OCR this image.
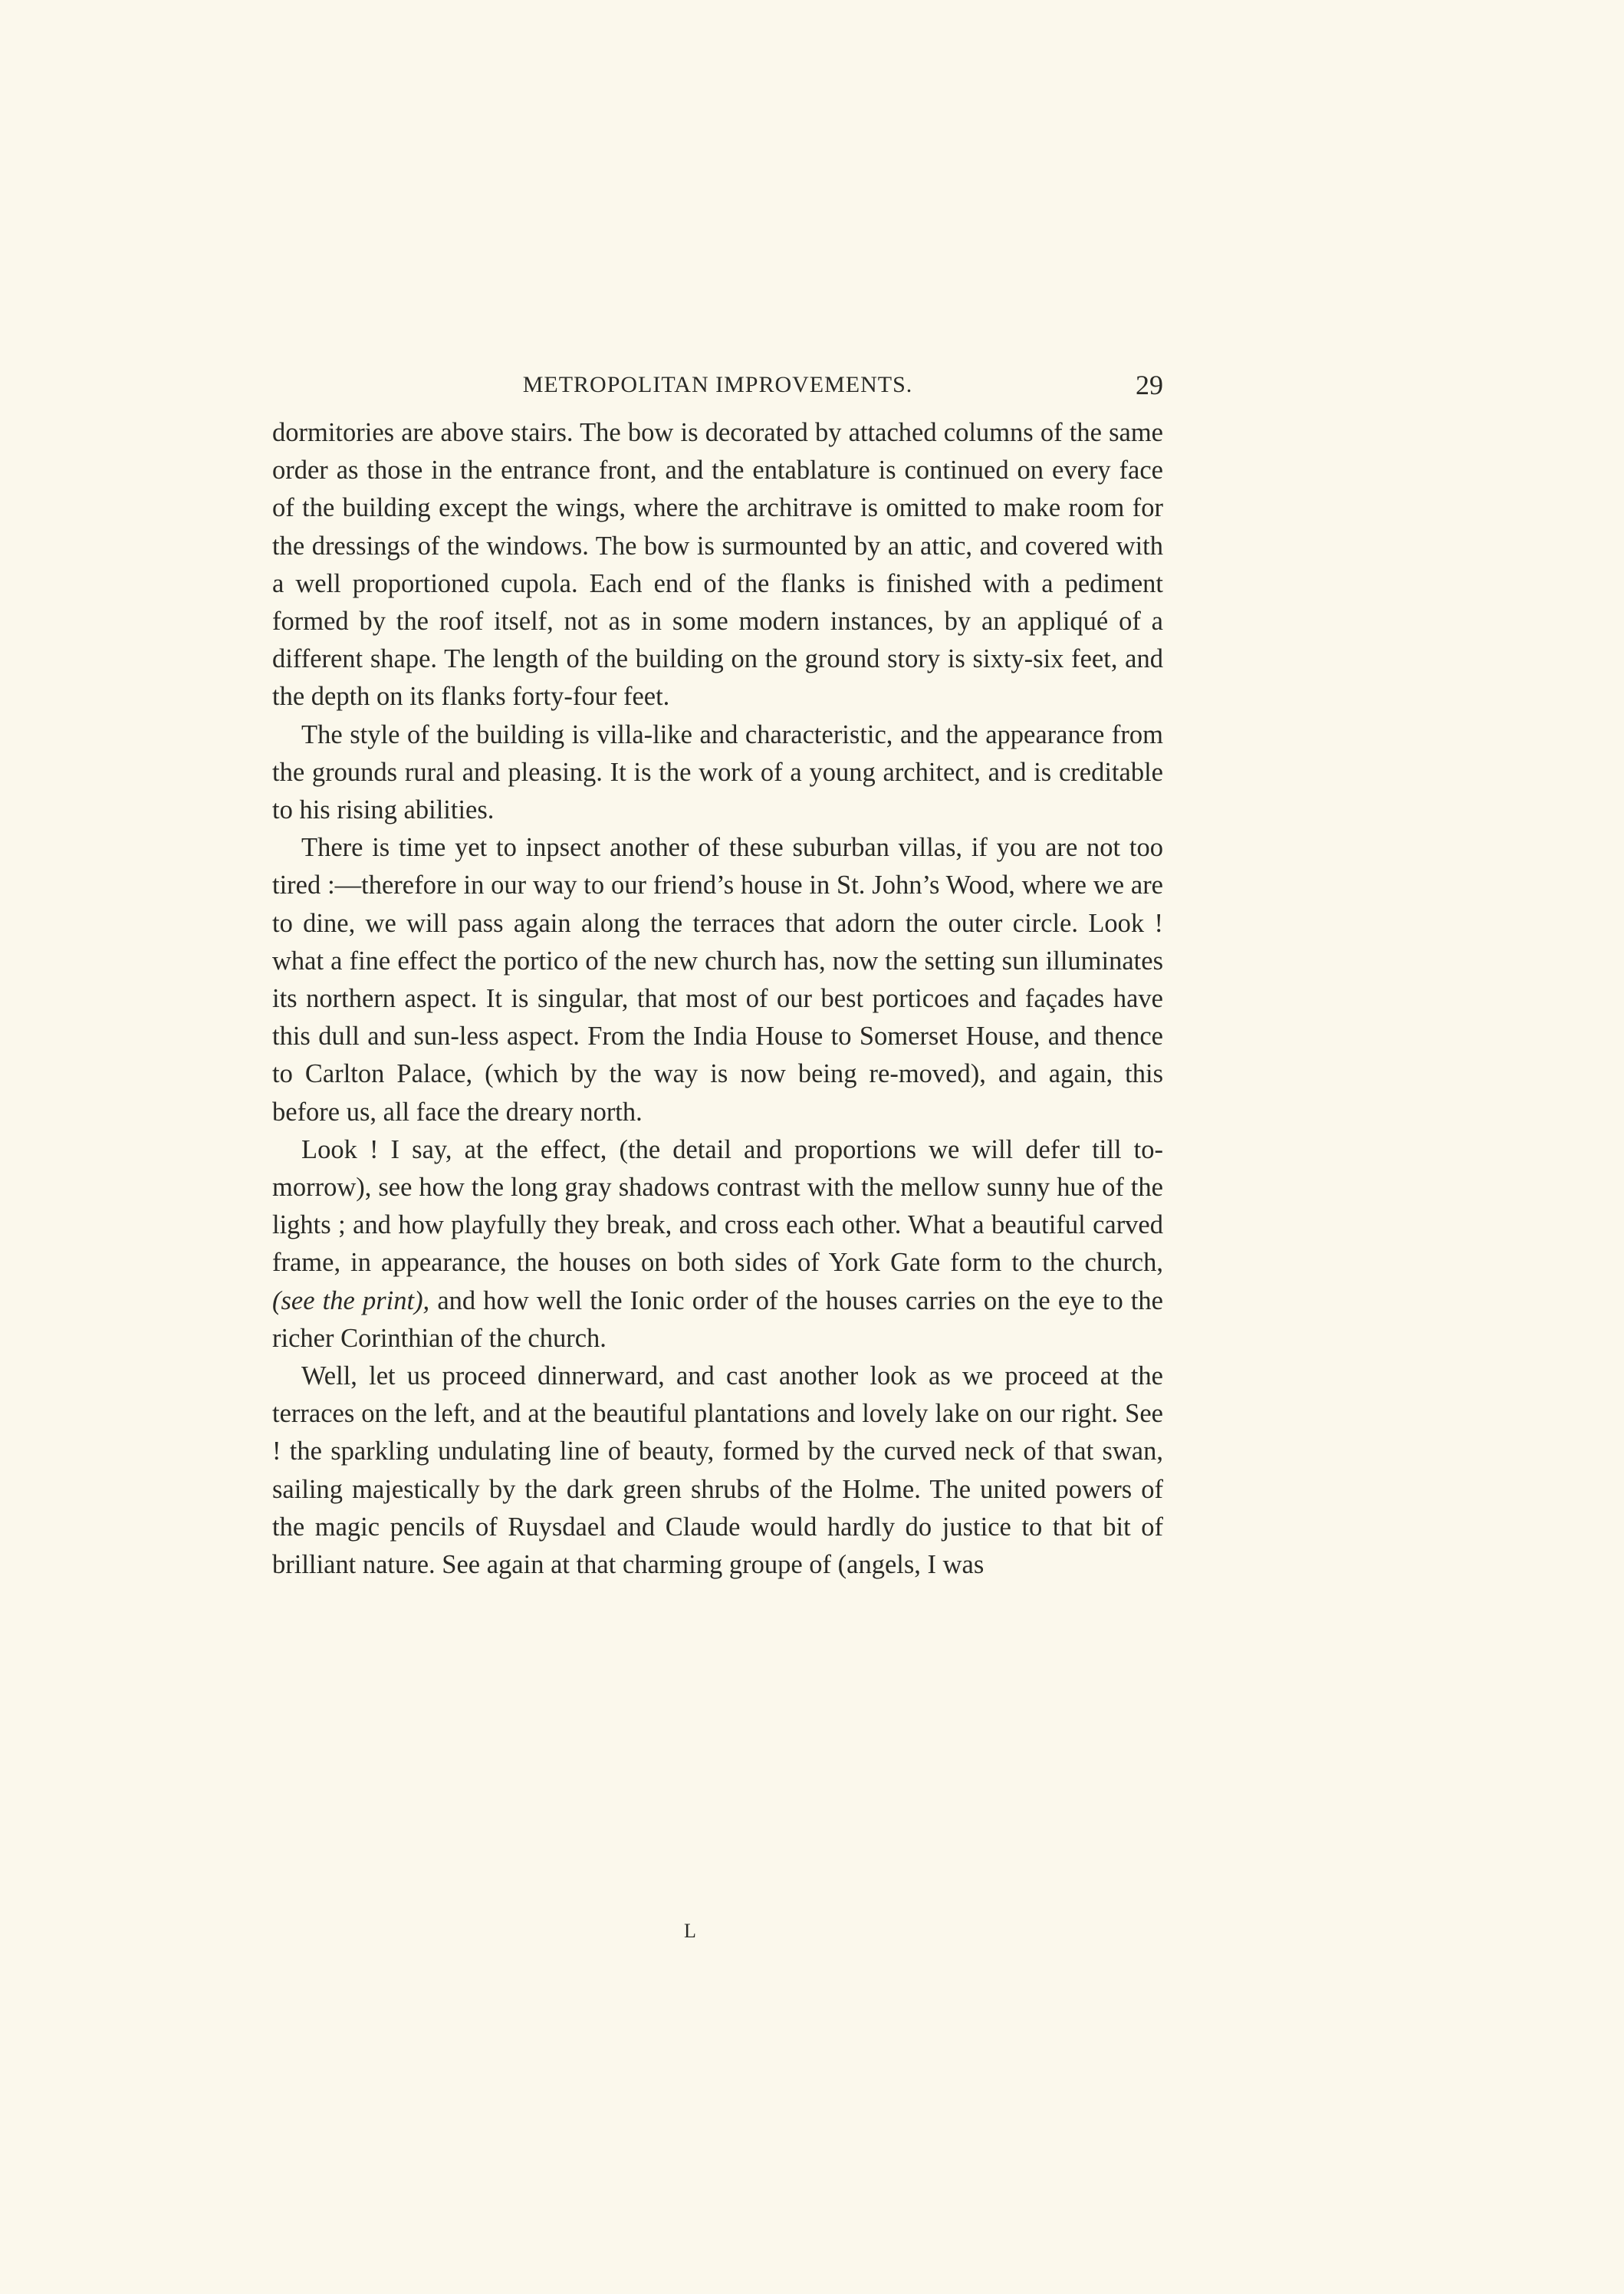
METROPOLITAN IMPROVEMENTS.	29

dormitories are above stairs. The bow is decorated by attached columns of the same order as those in the entrance front, and the entablature is continued on every face of the building except the wings, where the architrave is omitted to make room for the dressings of the windows. The bow is surmounted by an attic, and covered with a well proportioned cupola. Each end of the flanks is finished with a pediment formed by the roof itself, not as in some modern instances, by an appliqué of a different shape. The length of the building on the ground story is sixty-six feet, and the depth on its flanks forty-four feet.

The style of the building is villa-like and characteristic, and the appearance from the grounds rural and pleasing. It is the work of a young architect, and is creditable to his rising abilities.

There is time yet to inpsect another of these suburban villas, if you are not too tired :—therefore in our way to our friend’s house in St. John’s Wood, where we are to dine, we will pass again along the terraces that adorn the outer circle. Look ! what a fine effect the portico of the new church has, now the setting sun illuminates its northern aspect. It is singular, that most of our best porticoes and façades have this dull and sun-less aspect. From the India House to Somerset House, and thence to Carlton Palace, (which by the way is now being re-moved), and again, this before us, all face the dreary north.

Look ! I say, at the effect, (the detail and proportions we will defer till to-morrow), see how the long gray shadows contrast with the mellow sunny hue of the lights ; and how playfully they break, and cross each other. What a beautiful carved frame, in appearance, the houses on both sides of York Gate form to the church, (see the print), and how well the Ionic order of the houses carries on the eye to the richer Corinthian of the church.

Well, let us proceed dinnerward, and cast another look as we proceed at the terraces on the left, and at the beautiful plantations and lovely lake on our right. See ! the sparkling undulating line of beauty, formed by the curved neck of that swan, sailing majestically by the dark green shrubs of the Holme. The united powers of the magic pencils of Ruysdael and Claude would hardly do justice to that bit of brilliant nature. See again at that charming groupe of (angels, I was

L
